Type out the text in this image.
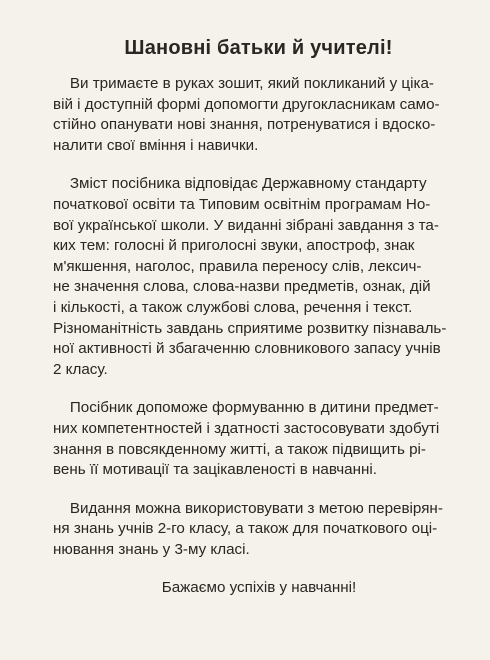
Шановні батьки й учителі!
Ви тримаєте в руках зошит, який покликаний у ціка-
вій і доступній формі допомогти другокласникам само-
стійно опанувати нові знання, потренуватися і вдоско-
налити свої вміння і навички.
Зміст посібника відповідає Державному стандарту
початкової освіти та Типовим освітнім програмам Но-
вої української школи. У виданні зібрані завдання з та-
ких тем: голосні й приголосні звуки, апостроф, знак
м'якшення, наголос, правила переносу слів, лексич-
не значення слова, слова-назви предметів, ознак, дій
і кількості, а також службові слова, речення і текст.
Різноманітність завдань сприятиме розвитку пізнаваль-
ної активності й збагаченню словникового запасу учнів
2 класу.
Посібник допоможе формуванню в дитини предмет-
них компетентностей і здатності застосовувати здобуті
знання в повсякденному житті, а також підвищить рі-
вень її мотивації та зацікавленості в навчанні.
Видання можна використовувати з метою перевірян-
ня знань учнів 2-го класу, а також для початкового оці-
нювання знань у 3-му класі.
Бажаємо успіхів у навчанні!
